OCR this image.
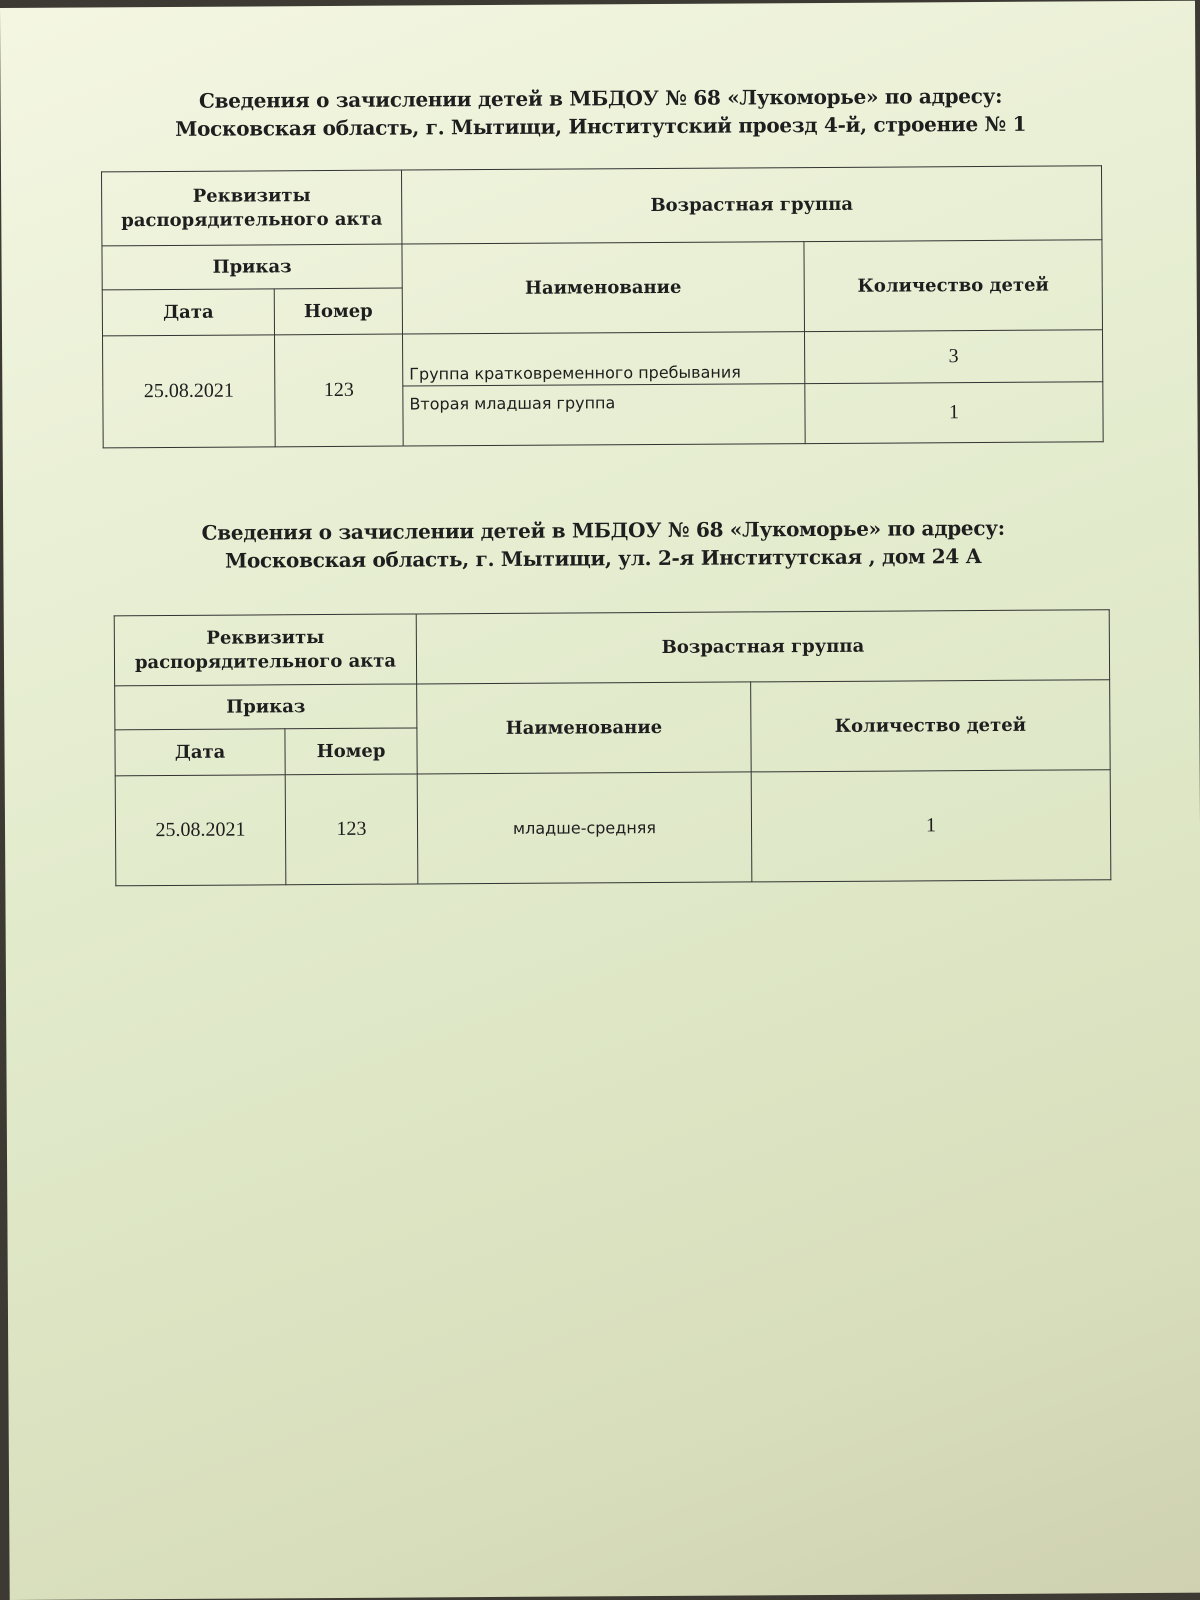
Сведения о зачислении детей в МБДОУ № 68 «Лукоморье» по адресу:
Московская область, г. Мытищи, Институтский проезд 4-й, строение № 1
Реквизиты распорядительного акта		Возрастная группа	
Приказ		Наименование	Количество детей
Дата	Номер		
25.08.2021	123	Группа кратковременного пребывания	3
		Вторая младшая группа	1
Сведения о зачислении детей в МБДОУ № 68 «Лукоморье» по адресу:
Московская область, г. Мытищи, ул. 2-я Институтская , дом 24 А
Реквизиты распорядительного акта		Возрастная группа	
Приказ		Наименование	Количество детей
Дата	Номер		
25.08.2021	123	младше-средняя	1
